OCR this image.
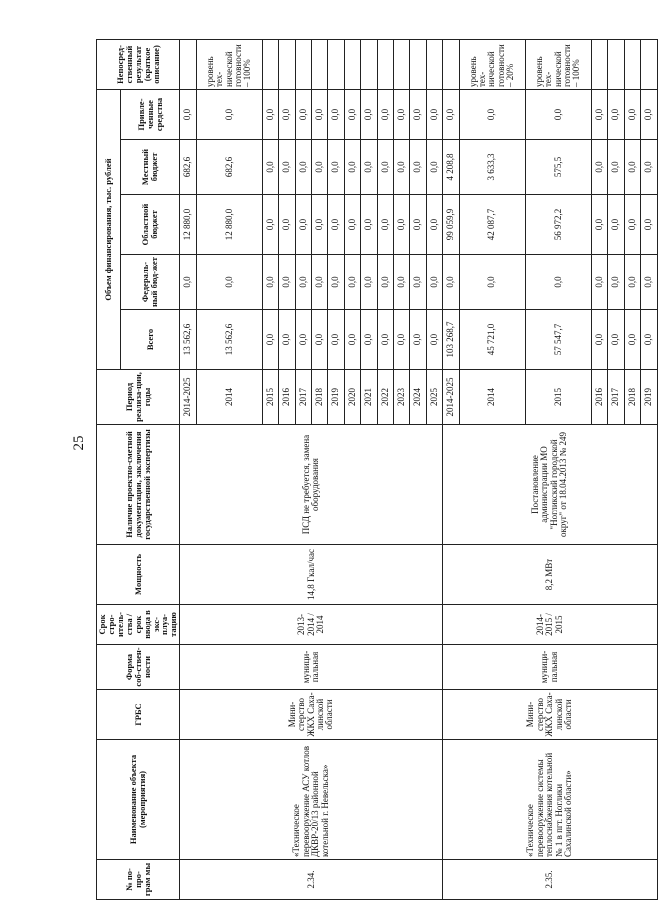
25
№ по-про-грам мы	Наименование объекта (мероприятия)	ГРБС	Форма соб-ствен-ности	Срок стро-итель-ства / срок ввода в экс-плуа-тацию	Мощность	Наличие проектно-сметной документации, заключения государственной экспертизы	Период реализа-ции, годы	Объем финансирования, тыс. рублей					Непосред-ственный результат (краткое описание)
								Всего	Федераль-ный бюд-жет	Областной бюджет	Местный бюджет	Привле-ченные средства	
2.34.	«Техническое перевооружение АСУ котлов ДКВР-20/13 районной котельной г. Невельска»	Мини-стерство ЖКХ Саха-линской области	муници-пальная	2013-2014 / 2014	14,8 Гкал/час	ПСД не требуется, замена оборудования	2014-2025	13 562,6	0,0	12 880,0	682,6	0,0	
							2014	13 562,6	0,0	12 880,0	682,6	0,0	уровень тех-нической готовности – 100%
							2015	0,0	0,0	0,0	0,0	0,0	
							2016	0,0	0,0	0,0	0,0	0,0	
							2017	0,0	0,0	0,0	0,0	0,0	
							2018	0,0	0,0	0,0	0,0	0,0	
							2019	0,0	0,0	0,0	0,0	0,0	
							2020	0,0	0,0	0,0	0,0	0,0	
							2021	0,0	0,0	0,0	0,0	0,0	
							2022	0,0	0,0	0,0	0,0	0,0	
							2023	0,0	0,0	0,0	0,0	0,0	
							2024	0,0	0,0	0,0	0,0	0,0	
							2025	0,0	0,0	0,0	0,0	0,0	
2.35.	«Техническое перевооружение системы теплоснабжения котельной № 1 в пгт. Ноглики Сахалинской области»	Мини-стерство ЖКХ Саха-линской области	муници-пальная	2014-2015 / 2015	8,2 МВт	Постановление администрации МО "Ногликский городской округ" от 18.04.2013 № 249	2014-2025	103 268,7	0,0	99 059,9	4 208,8	0,0	
							2014	45 721,0	0,0	42 087,7	3 633,3	0,0	уровень тех-нической готовности – 20%
							2015	57 547,7	0,0	56 972,2	575,5	0,0	уровень тех-нической готовности – 100%
							2016	0,0	0,0	0,0	0,0	0,0	
							2017	0,0	0,0	0,0	0,0	0,0	
							2018	0,0	0,0	0,0	0,0	0,0	
							2019	0,0	0,0	0,0	0,0	0,0	
